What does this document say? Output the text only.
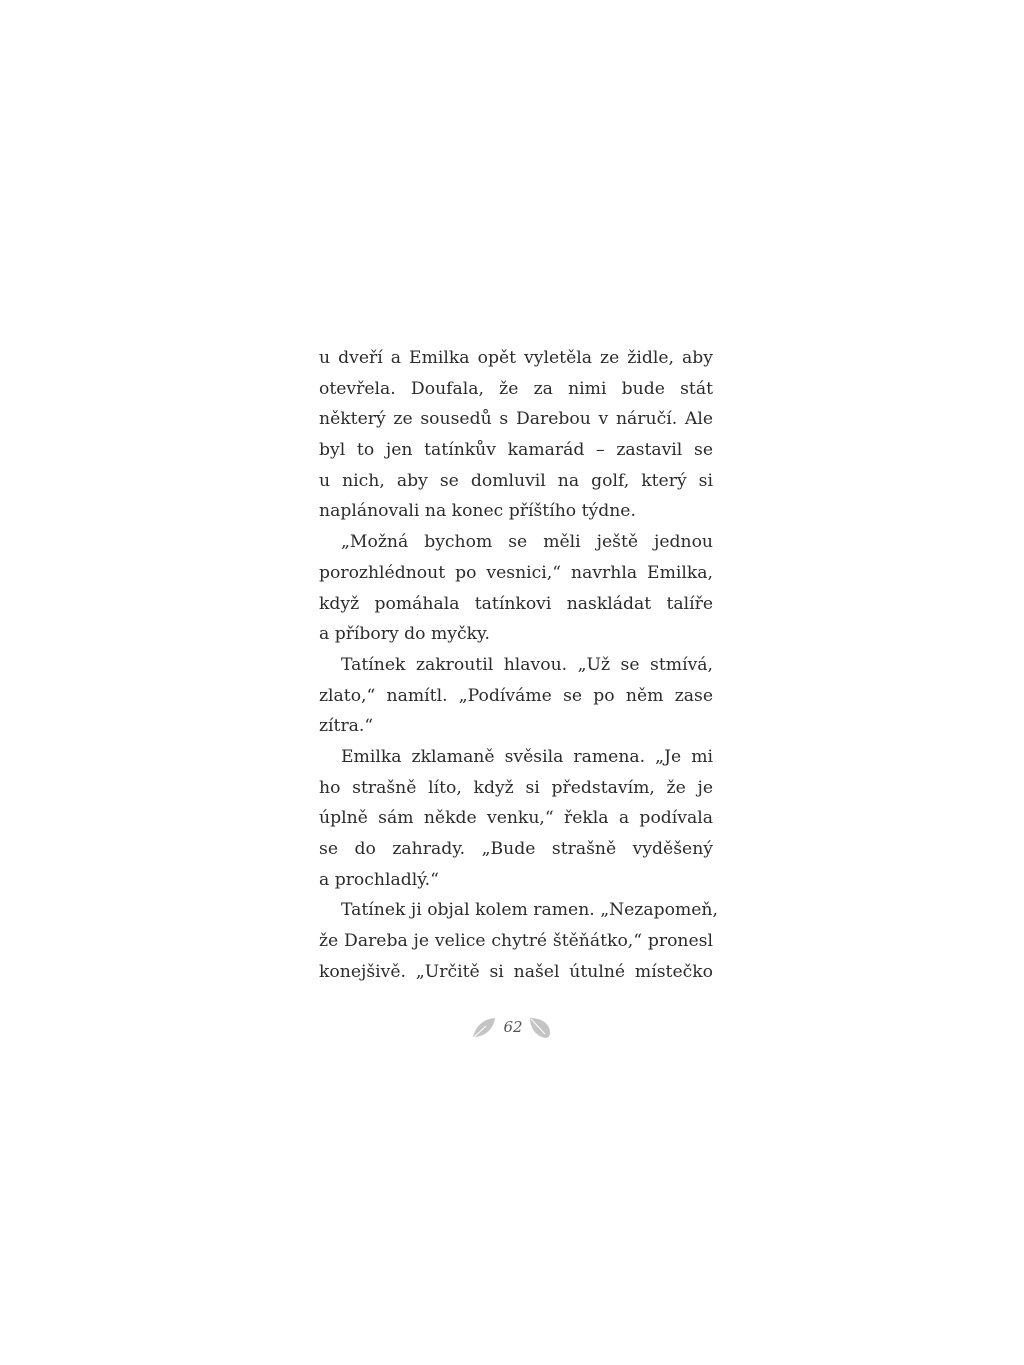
u dveří a Emilka opět vyletěla ze židle, aby
otevřela. Doufala, že za nimi bude stát
některý ze sousedů s Darebou v náručí. Ale
byl to jen tatínkův kamarád – zastavil se
u nich, aby se domluvil na golf, který si
naplánovali na konec příštího týdne.
„Možná bychom se měli ještě jednou
porozhlédnout po vesnici,“ navrhla Emilka,
když pomáhala tatínkovi naskládat talíře
a příbory do myčky.
Tatínek zakroutil hlavou. „Už se stmívá,
zlato,“ namítl. „Podíváme se po něm zase
zítra.“
Emilka zklamaně svěsila ramena. „Je mi
ho strašně líto, když si představím, že je
úplně sám někde venku,“ řekla a podívala
se do zahrady. „Bude strašně vyděšený
a prochladlý.“
Tatínek ji objal kolem ramen. „Nezapomeň,
že Dareba je velice chytré štěňátko,“ pronesl
konejšivě. „Určitě si našel útulné místečko
62
